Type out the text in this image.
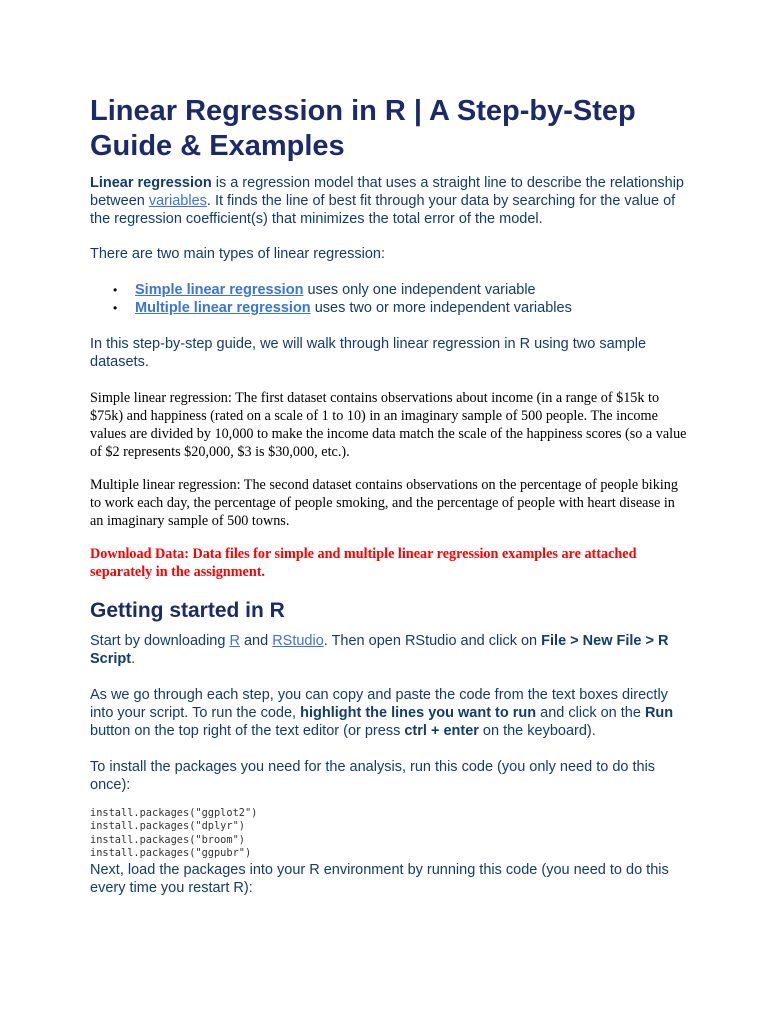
Linear Regression in R | A Step-by-Step Guide & Examples

Linear regression is a regression model that uses a straight line to describe the relationship between variables. It finds the line of best fit through your data by searching for the value of the regression coefficient(s) that minimizes the total error of the model.

There are two main types of linear regression:

• Simple linear regression uses only one independent variable
• Multiple linear regression uses two or more independent variables

In this step-by-step guide, we will walk through linear regression in R using two sample datasets.

Simple linear regression: The first dataset contains observations about income (in a range of $15k to $75k) and happiness (rated on a scale of 1 to 10) in an imaginary sample of 500 people. The income values are divided by 10,000 to make the income data match the scale of the happiness scores (so a value of $2 represents $20,000, $3 is $30,000, etc.).

Multiple linear regression: The second dataset contains observations on the percentage of people biking to work each day, the percentage of people smoking, and the percentage of people with heart disease in an imaginary sample of 500 towns.

Download Data: Data files for simple and multiple linear regression examples are attached separately in the assignment.

Getting started in R

Start by downloading R and RStudio. Then open RStudio and click on File > New File > R Script.

As we go through each step, you can copy and paste the code from the text boxes directly into your script. To run the code, highlight the lines you want to run and click on the Run button on the top right of the text editor (or press ctrl + enter on the keyboard).

To install the packages you need for the analysis, run this code (you only need to do this once):

install.packages("ggplot2")
install.packages("dplyr")
install.packages("broom")
install.packages("ggpubr")

Next, load the packages into your R environment by running this code (you need to do this every time you restart R):
